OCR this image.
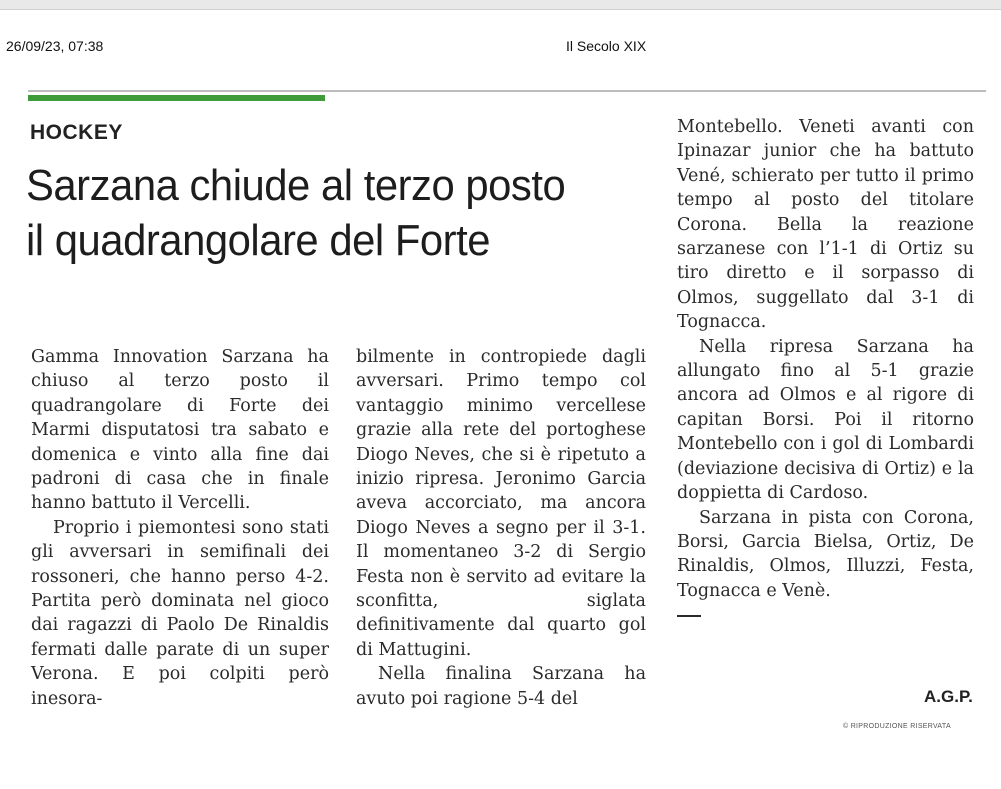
26/09/23, 07:38	Il Secolo XIX
HOCKEY
Sarzana chiude al terzo posto
il quadrangolare del Forte

Gamma Innovation Sarzana ha chiuso al terzo posto il quadrangolare di Forte dei Marmi disputatosi tra sabato e domenica e vinto alla fine dai padroni di casa che in finale hanno battuto il Vercelli.

Proprio i piemontesi sono stati gli avversari in semifinali dei rossoneri, che hanno perso 4-2. Partita però dominata nel gioco dai ragazzi di Paolo De Rinaldis fermati dalle parate di un super Verona. E poi colpiti però inesora-

bilmente in contropiede dagli avversari. Primo tempo col vantaggio minimo vercellese grazie alla rete del portoghese Diogo Neves, che si è ripetuto a inizio ripresa. Jeronimo Garcia aveva accorciato, ma ancora Diogo Neves a segno per il 3-1. Il momentaneo 3-2 di Sergio Festa non è servito ad evitare la sconfitta, siglata definitivamente dal quarto gol di Mattugini.

Nella finalina Sarzana ha avuto poi ragione 5-4 del

Montebello. Veneti avanti con Ipinazar junior che ha battuto Vené, schierato per tutto il primo tempo al posto del titolare Corona. Bella la reazione sarzanese con l’1-1 di Ortiz su tiro diretto e il sorpasso di Olmos, suggellato dal 3-1 di Tognacca.

Nella ripresa Sarzana ha allungato fino al 5-1 grazie ancora ad Olmos e al rigore di capitan Borsi. Poi il ritorno Montebello con i gol di Lombardi (deviazione decisiva di Ortiz) e la doppietta di Cardoso.

Sarzana in pista con Corona, Borsi, Garcia Bielsa, Ortiz, De Rinaldis, Olmos, Illuzzi, Festa, Tognacca e Venè.

A.G.P.
© RIPRODUZIONE RISERVATA
